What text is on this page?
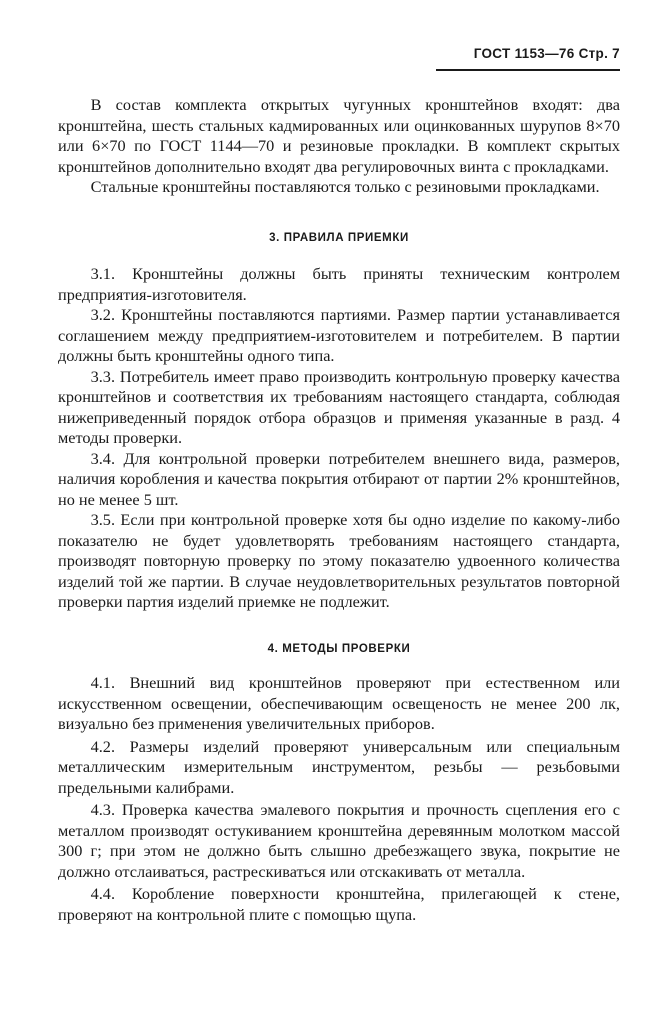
ГОСТ 1153—76 Стр. 7

В состав комплекта открытых чугунных кронштейнов входят: два кронштейна, шесть стальных кадмированных или оцинкованных шурупов 8×70 или 6×70 по ГОСТ 1144—70 и резиновые прокладки. В комплект скрытых кронштейнов дополнительно входят два регулировочных винта с прокладками.

Стальные кронштейны поставляются только с резиновыми прокладками.

3. ПРАВИЛА ПРИЕМКИ

3.1. Кронштейны должны быть приняты техническим контролем предприятия-изготовителя.

3.2. Кронштейны поставляются партиями. Размер партии устанавливается соглашением между предприятием-изготовителем и потребителем. В партии должны быть кронштейны одного типа.

3.3. Потребитель имеет право производить контрольную проверку качества кронштейнов и соответствия их требованиям настоящего стандарта, соблюдая нижеприведенный порядок отбора образцов и применяя указанные в разд. 4 методы проверки.

3.4. Для контрольной проверки потребителем внешнего вида, размеров, наличия коробления и качества покрытия отбирают от партии 2% кронштейнов, но не менее 5 шт.

3.5. Если при контрольной проверке хотя бы одно изделие по какому-либо показателю не будет удовлетворять требованиям настоящего стандарта, производят повторную проверку по этому показателю удвоенного количества изделий той же партии. В случае неудовлетворительных результатов повторной проверки партия изделий приемке не подлежит.

4. МЕТОДЫ ПРОВЕРКИ

4.1. Внешний вид кронштейнов проверяют при естественном или искусственном освещении, обеспечивающим освещеность не менее 200 лк, визуально без применения увеличительных приборов.

4.2. Размеры изделий проверяют универсальным или специальным металлическим измерительным инструментом, резьбы — резьбовыми предельными калибрами.

4.3. Проверка качества эмалевого покрытия и прочность сцепления его с металлом производят остукиванием кронштейна деревянным молотком массой 300 г; при этом не должно быть слышно дребезжащего звука, покрытие не должно отслаиваться, растрескиваться или отскакивать от металла.

4.4. Коробление поверхности кронштейна, прилегающей к стене, проверяют на контрольной плите с помощью щупа.
